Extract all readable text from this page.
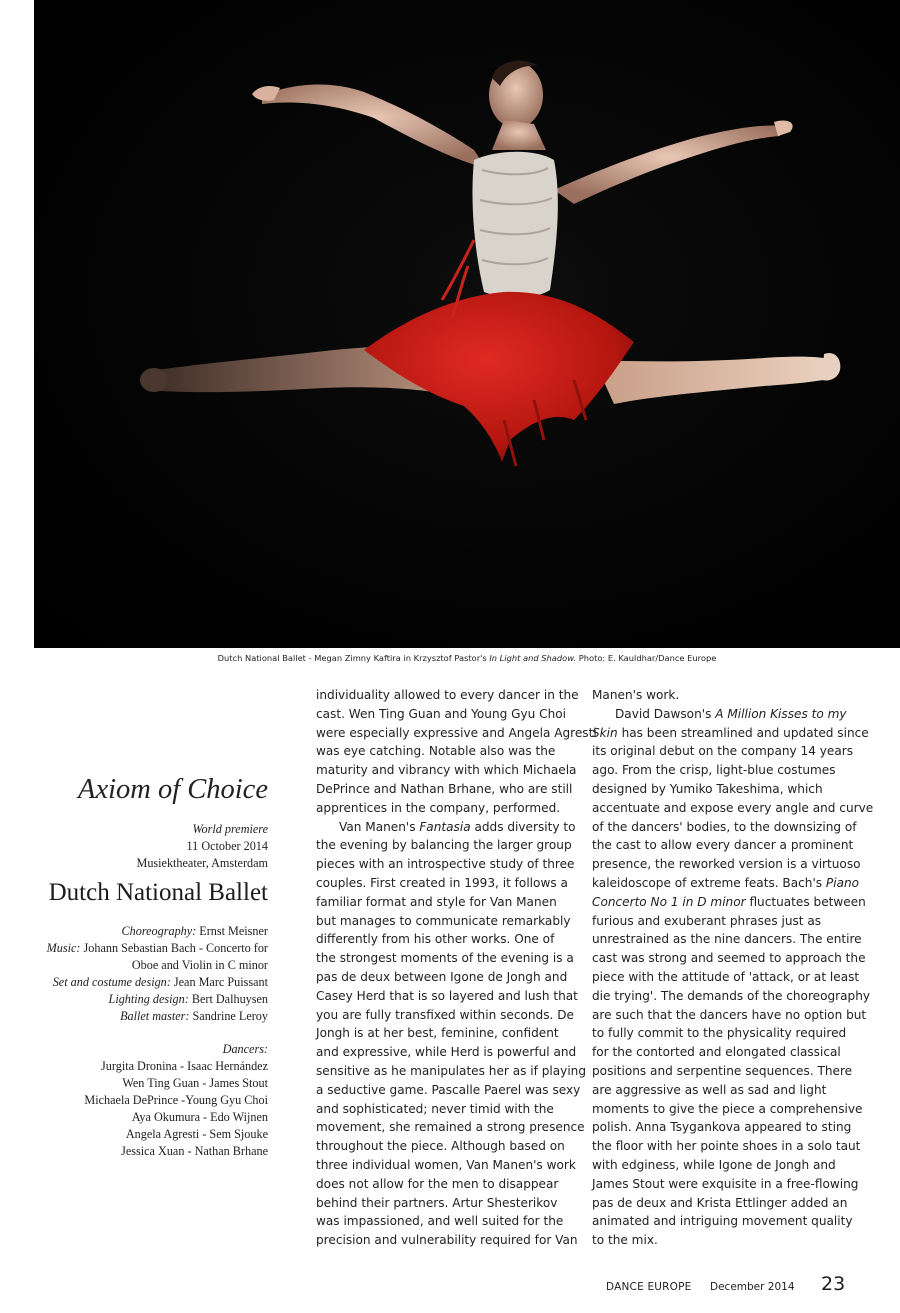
Dutch National Ballet - Megan Zimny Kaftira in Krzysztof Pastor's In Light and Shadow. Photo: E. Kauldhar/Dance Europe
Axiom of Choice
World premiere
11 October 2014
Musiektheater, Amsterdam
Dutch National Ballet
Choreography: Ernst Meisner
Music: Johann Sebastian Bach - Concerto for
Oboe and Violin in C minor
Set and costume design: Jean Marc Puissant
Lighting design: Bert Dalhuysen
Ballet master: Sandrine Leroy
Dancers:
Jurgita Dronina - Isaac Hernández
Wen Ting Guan - James Stout
Michaela DePrince -Young Gyu Choi
Aya Okumura - Edo Wijnen
Angela Agresti - Sem Sjouke
Jessica Xuan - Nathan Brhane
individuality allowed to every dancer in the
cast. Wen Ting Guan and Young Gyu Choi
were especially expressive and Angela Agresti
was eye catching. Notable also was the
maturity and vibrancy with which Michaela
DePrince and Nathan Brhane, who are still
apprentices in the company, performed.
Van Manen's Fantasia adds diversity to
the evening by balancing the larger group
pieces with an introspective study of three
couples. First created in 1993, it follows a
familiar format and style for Van Manen
but manages to communicate remarkably
differently from his other works. One of
the strongest moments of the evening is a
pas de deux between Igone de Jongh and
Casey Herd that is so layered and lush that
you are fully transfixed within seconds. De
Jongh is at her best, feminine, confident
and expressive, while Herd is powerful and
sensitive as he manipulates her as if playing
a seductive game. Pascalle Paerel was sexy
and sophisticated; never timid with the
movement, she remained a strong presence
throughout the piece. Although based on
three individual women, Van Manen's work
does not allow for the men to disappear
behind their partners. Artur Shesterikov
was impassioned, and well suited for the
precision and vulnerability required for Van
Manen's work.
David Dawson's A Million Kisses to my
Skin has been streamlined and updated since
its original debut on the company 14 years
ago. From the crisp, light-blue costumes
designed by Yumiko Takeshima, which
accentuate and expose every angle and curve
of the dancers' bodies, to the downsizing of
the cast to allow every dancer a prominent
presence, the reworked version is a virtuoso
kaleidoscope of extreme feats. Bach's Piano
Concerto No 1 in D minor fluctuates between
furious and exuberant phrases just as
unrestrained as the nine dancers. The entire
cast was strong and seemed to approach the
piece with the attitude of 'attack, or at least
die trying'. The demands of the choreography
are such that the dancers have no option but
to fully commit to the physicality required
for the contorted and elongated classical
positions and serpentine sequences. There
are aggressive as well as sad and light
moments to give the piece a comprehensive
polish. Anna Tsygankova appeared to sting
the floor with her pointe shoes in a solo taut
with edginess, while Igone de Jongh and
James Stout were exquisite in a free-flowing
pas de deux and Krista Ettlinger added an
animated and intriguing movement quality
to the mix.
DANCE EUROPE December 2014 23
